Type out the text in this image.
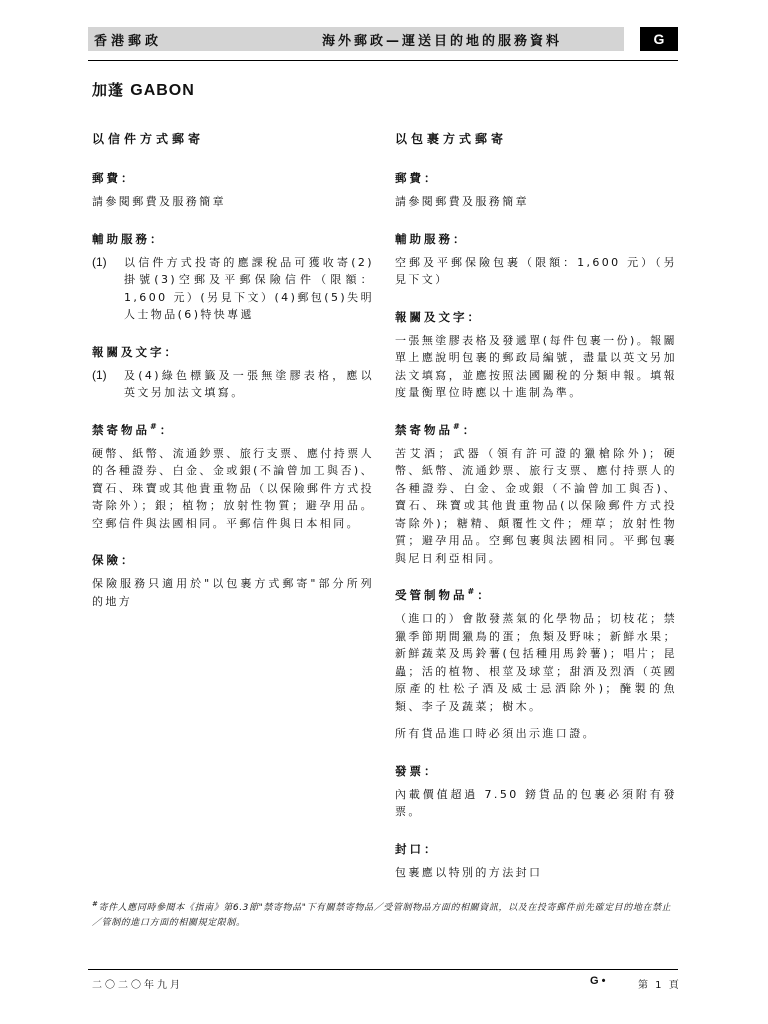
香港郵政	海外郵政—運送目的地的服務資料	G
加蓬 GABON
以信件方式郵寄
郵費：
請參閱郵費及服務簡章
輔助服務：
(1)	以信件方式投寄的應課稅品可獲收寄(2)掛號(3)空郵及平郵保險信件（限額：1,600 元）(另見下文）(4)郵包(5)失明人士物品(6)特快專遞
報關及文字：
(1)	及(4)綠色標籤及一張無塗膠表格，應以英文另加法文填寫。
禁寄物品#：
硬幣、紙幣、流通鈔票、旅行支票、應付持票人的各種證券、白金、金或銀(不論曾加工與否)、寶石、珠寶或其他貴重物品（以保險郵件方式投寄除外）；銀；植物；放射性物質；避孕用品。空郵信件與法國相同。平郵信件與日本相同。
保險：
保險服務只適用於"以包裹方式郵寄"部分所列的地方
以包裹方式郵寄
郵費：
請參閱郵費及服務簡章
輔助服務：
空郵及平郵保險包裹（限額：1,600 元）（另見下文）
報關及文字：
一張無塗膠表格及發遞單(每件包裹一份)。報關單上應說明包裹的郵政局編號，盡量以英文另加法文填寫，並應按照法國關稅的分類申報。填報度量衡單位時應以十進制為準。
禁寄物品#：
苦艾酒；武器（領有許可證的獵槍除外)；硬幣、紙幣、流通鈔票、旅行支票、應付持票人的各種證券、白金、金或銀（不論曾加工與否)、寶石、珠寶或其他貴重物品(以保險郵件方式投寄除外)；糖精、顛覆性文件；煙草；放射性物質；避孕用品。空郵包裹與法國相同。平郵包裹與尼日利亞相同。
受管制物品#：
（進口的）會散發蒸氣的化學物品；切枝花；禁獵季節期間獵鳥的蛋；魚類及野味；新鮮水果；新鮮蔬菜及馬鈴薯(包括種用馬鈴薯)；唱片；昆蟲；活的植物、根莖及球莖；甜酒及烈酒（英國原產的杜松子酒及威士忌酒除外)；醃製的魚類、李子及蔬菜；樹木。
所有貨品進口時必須出示進口證。
發票：
內載價值超過 7.50 鎊貨品的包裹必須附有發票。
封口：
包裹應以特別的方法封口
#寄件人應同時參閱本《指南》第6.3節"禁寄物品"下有關禁寄物品／受管制物品方面的相關資訊，以及在投寄郵件前先確定目的地在禁止／管制的進口方面的相關規定限制。
二〇二〇年九月	G •	第 1 頁
